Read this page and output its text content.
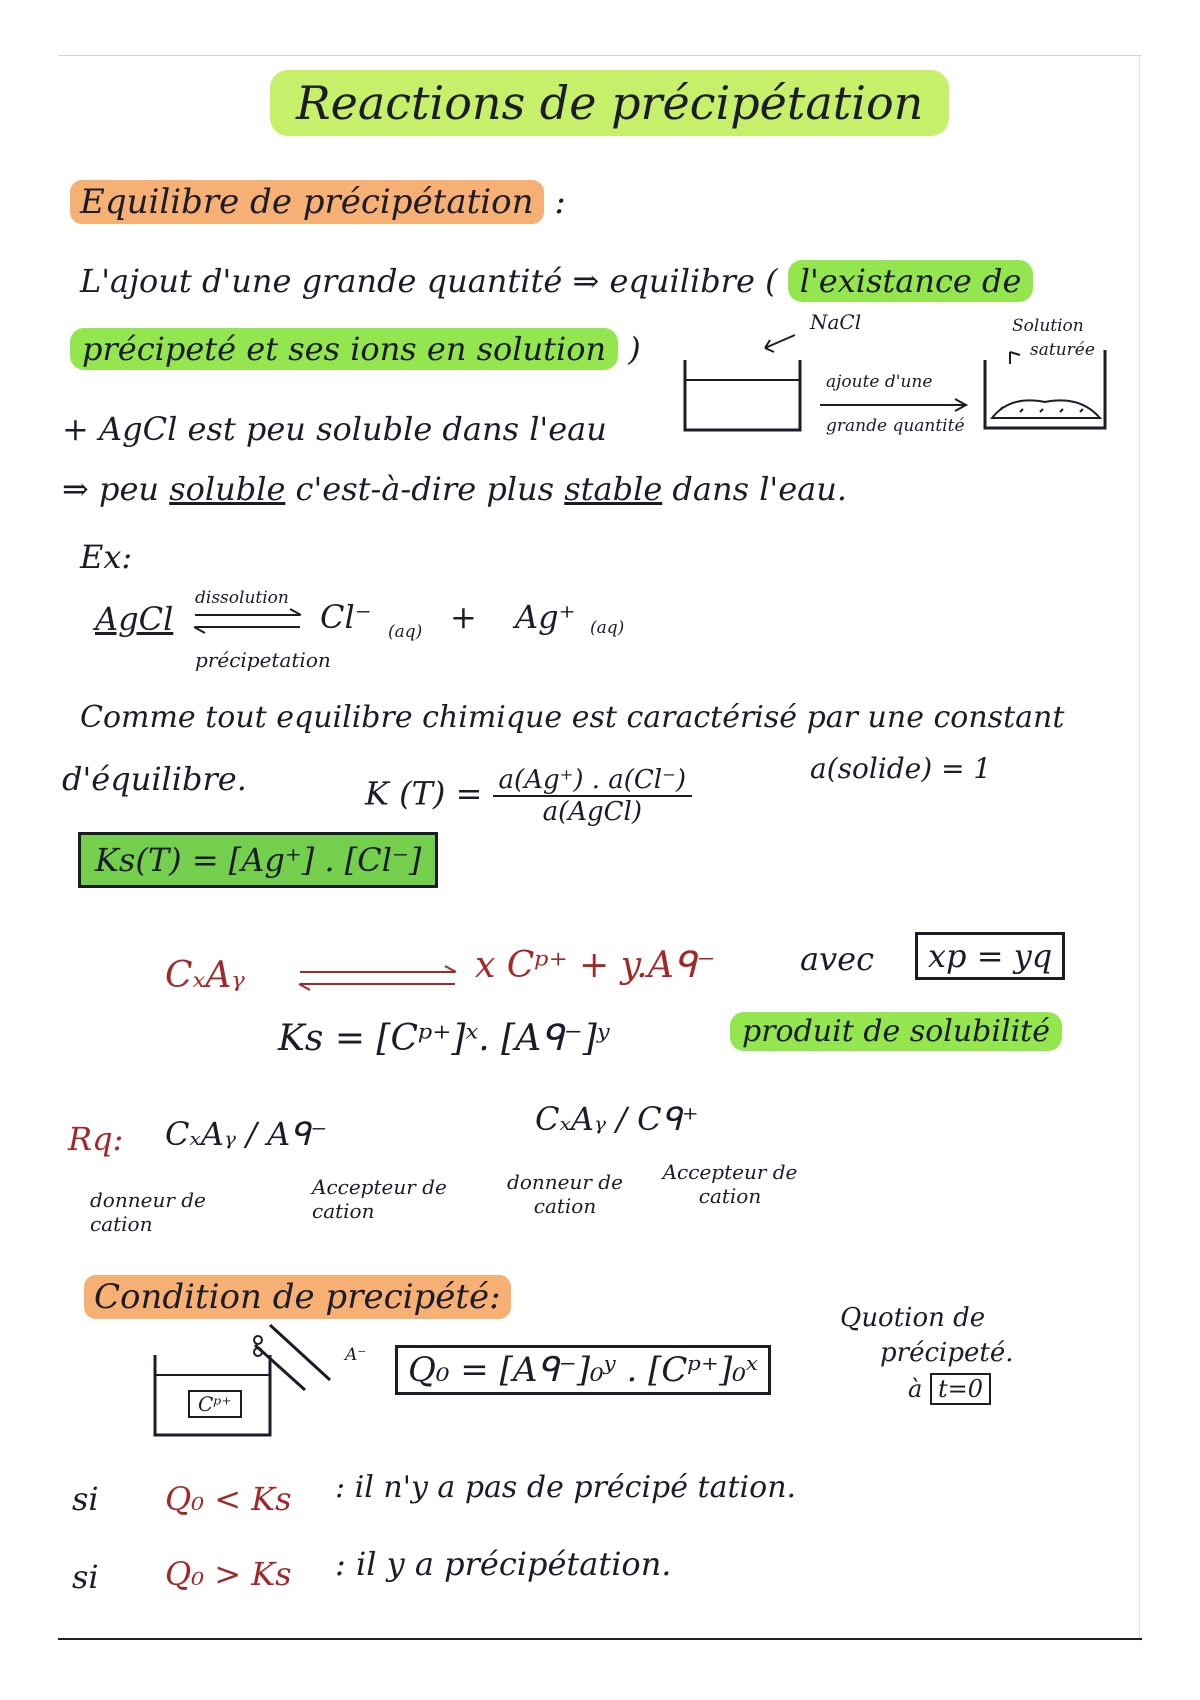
Reactions de précipétation
Equilibre de précipétation :
L'ajout d'une grande quantité ⇒ equilibre ( l'existance de
précipeté et ses ions en solution )
NaCl
ajoute d'une
grande quantité
Solution
saturée
+ AgCl est peu soluble dans l'eau
⇒ peu soluble c'est-à-dire plus stable dans l'eau.
Ex:
AgCl
dissolution
précipetation
Cl⁻ (aq) + Ag⁺ (aq)
Comme tout equilibre chimique est caractérisé par une constant
d'équilibre.	K $(T) = \frac{a(Ag^+) . a(Cl^-)}{\text{a(AgCl)}}$	a(solide) = 1
Ks(T) = [Ag⁺] . [Cl⁻]
CₓAᵧ	x Cᵖ⁺ + y.Aᑫ⁻	avec	xp = yq
Ks = [Cᵖ⁺]ˣ. [Aᑫ⁻]ʸ	produit de solubilité
Rq: CₓAᵧ / Aᑫ⁻	CₓAᵧ / Cᑫ⁺
donneur de cation
Accepteur de cation
donneur de cation
Accepteur de cation
Condition de precipété:
Cᵖ⁺
A⁻	Q₀ = [Aᑫ⁻]₀ʸ . [Cᵖ⁺]₀ˣ
Quotion de
précipeté.
à t=0
si Q₀ < Ks : il n'y a pas de précipé tation.
si Q₀ > Ks : il y a précipétation.
